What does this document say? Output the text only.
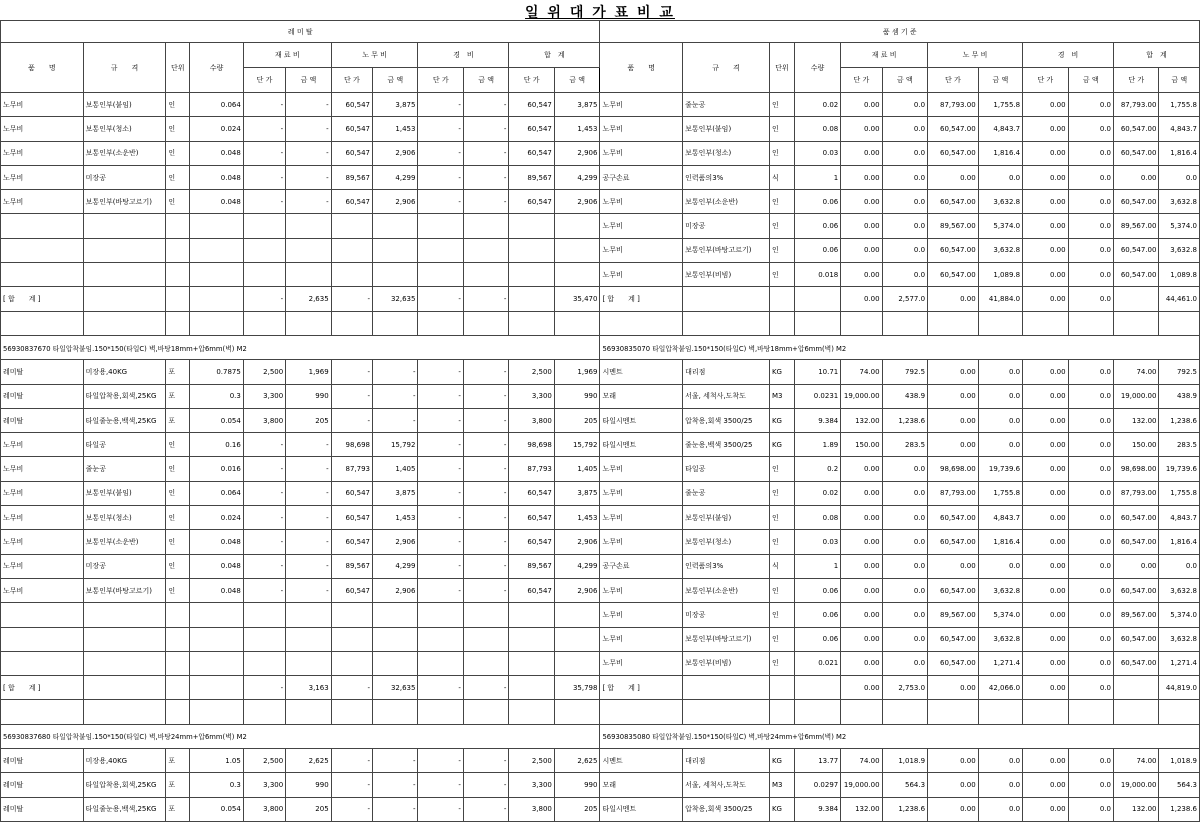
일 위 대 가 표 비 교
레 미 탈												품 셈 기 준											
품　　명	규　　격	단위	수량	재 료 비		노 무 비		경　비		합　계		품　　명	규　　격	단위	수량	재 료 비		노 무 비		경　비		합　계	
				단 가	금 액	단 가	금 액	단 가	금 액	단 가	금 액					단 가	금 액	단 가	금 액	단 가	금 액	단 가	금 액
노무비	보통인부(붙임)	인	0.064	-	-	60,547	3,875	-	-	60,547	3,875	노무비	줄눈공	인	0.02	0.00	0.0	87,793.00	1,755.8	0.00	0.0	87,793.00	1,755.8
노무비	보통인부(청소)	인	0.024	-	-	60,547	1,453	-	-	60,547	1,453	노무비	보통인부(붙임)	인	0.08	0.00	0.0	60,547.00	4,843.7	0.00	0.0	60,547.00	4,843.7
노무비	보통인부(소운반)	인	0.048	-	-	60,547	2,906	-	-	60,547	2,906	노무비	보통인부(청소)	인	0.03	0.00	0.0	60,547.00	1,816.4	0.00	0.0	60,547.00	1,816.4
노무비	미장공	인	0.048	-	-	89,567	4,299	-	-	89,567	4,299	공구손료	인력품의3%	식	1	0.00	0.0	0.00	0.0	0.00	0.0	0.00	0.0
노무비	보통인부(바탕고르기)	인	0.048	-	-	60,547	2,906	-	-	60,547	2,906	노무비	보통인부(소운반)	인	0.06	0.00	0.0	60,547.00	3,632.8	0.00	0.0	60,547.00	3,632.8
												노무비	미장공	인	0.06	0.00	0.0	89,567.00	5,374.0	0.00	0.0	89,567.00	5,374.0
												노무비	보통인부(바탕고르기)	인	0.06	0.00	0.0	60,547.00	3,632.8	0.00	0.0	60,547.00	3,632.8
												노무비	보통인부(비빔)	인	0.018	0.00	0.0	60,547.00	1,089.8	0.00	0.0	60,547.00	1,089.8
[ 합　　계 ]				-	2,635	-	32,635	-	-		35,470	[ 합　　계 ]				0.00	2,577.0	0.00	41,884.0	0.00	0.0		44,461.0

56930837670 타일압착붙임.150*150(타일C) 벽,바탕18mm+압6mm(벽) M2												56930835070 타일압착붙임.150*150(타일C) 벽,바탕18mm+압6mm(벽) M2											
레미탈	미장용,40KG	포	0.7875	2,500	1,969	-	-	-	-	2,500	1,969	시멘트	대리점	KG	10.71	74.00	792.5	0.00	0.0	0.00	0.0	74.00	792.5
레미탈	타일압착용,회색,25KG	포	0.3	3,300	990	-	-	-	-	3,300	990	모래	서울, 세척사,도착도	M3	0.0231	19,000.00	438.9	0.00	0.0	0.00	0.0	19,000.00	438.9
레미탈	타일줄눈용,백색,25KG	포	0.054	3,800	205	-	-	-	-	3,800	205	타일시멘트	압착용,회색 3500/25	KG	9.384	132.00	1,238.6	0.00	0.0	0.00	0.0	132.00	1,238.6
노무비	타일공	인	0.16	-	-	98,698	15,792	-	-	98,698	15,792	타일시멘트	줄눈용,백색 3500/25	KG	1.89	150.00	283.5	0.00	0.0	0.00	0.0	150.00	283.5
노무비	줄눈공	인	0.016	-	-	87,793	1,405	-	-	87,793	1,405	노무비	타일공	인	0.2	0.00	0.0	98,698.00	19,739.6	0.00	0.0	98,698.00	19,739.6
노무비	보통인부(붙임)	인	0.064	-	-	60,547	3,875	-	-	60,547	3,875	노무비	줄눈공	인	0.02	0.00	0.0	87,793.00	1,755.8	0.00	0.0	87,793.00	1,755.8
노무비	보통인부(청소)	인	0.024	-	-	60,547	1,453	-	-	60,547	1,453	노무비	보통인부(붙임)	인	0.08	0.00	0.0	60,547.00	4,843.7	0.00	0.0	60,547.00	4,843.7
노무비	보통인부(소운반)	인	0.048	-	-	60,547	2,906	-	-	60,547	2,906	노무비	보통인부(청소)	인	0.03	0.00	0.0	60,547.00	1,816.4	0.00	0.0	60,547.00	1,816.4
노무비	미장공	인	0.048	-	-	89,567	4,299	-	-	89,567	4,299	공구손료	인력품의3%	식	1	0.00	0.0	0.00	0.0	0.00	0.0	0.00	0.0
노무비	보통인부(바탕고르기)	인	0.048	-	-	60,547	2,906	-	-	60,547	2,906	노무비	보통인부(소운반)	인	0.06	0.00	0.0	60,547.00	3,632.8	0.00	0.0	60,547.00	3,632.8
												노무비	미장공	인	0.06	0.00	0.0	89,567.00	5,374.0	0.00	0.0	89,567.00	5,374.0
												노무비	보통인부(바탕고르기)	인	0.06	0.00	0.0	60,547.00	3,632.8	0.00	0.0	60,547.00	3,632.8
												노무비	보통인부(비빔)	인	0.021	0.00	0.0	60,547.00	1,271.4	0.00	0.0	60,547.00	1,271.4
[ 합　　계 ]				-	3,163	-	32,635	-	-		35,798	[ 합　　계 ]				0.00	2,753.0	0.00	42,066.0	0.00	0.0		44,819.0

56930837680 타일압착붙임.150*150(타일C) 벽,바탕24mm+압6mm(벽) M2												56930835080 타일압착붙임.150*150(타일C) 벽,바탕24mm+압6mm(벽) M2											
레미탈	미장용,40KG	포	1.05	2,500	2,625	-	-	-	-	2,500	2,625	시멘트	대리점	KG	13.77	74.00	1,018.9	0.00	0.0	0.00	0.0	74.00	1,018.9
레미탈	타일압착용,회색,25KG	포	0.3	3,300	990	-	-	-	-	3,300	990	모래	서울, 세척사,도착도	M3	0.0297	19,000.00	564.3	0.00	0.0	0.00	0.0	19,000.00	564.3
레미탈	타일줄눈용,백색,25KG	포	0.054	3,800	205	-	-	-	-	3,800	205	타일시멘트	압착용,회색 3500/25	KG	9.384	132.00	1,238.6	0.00	0.0	0.00	0.0	132.00	1,238.6
